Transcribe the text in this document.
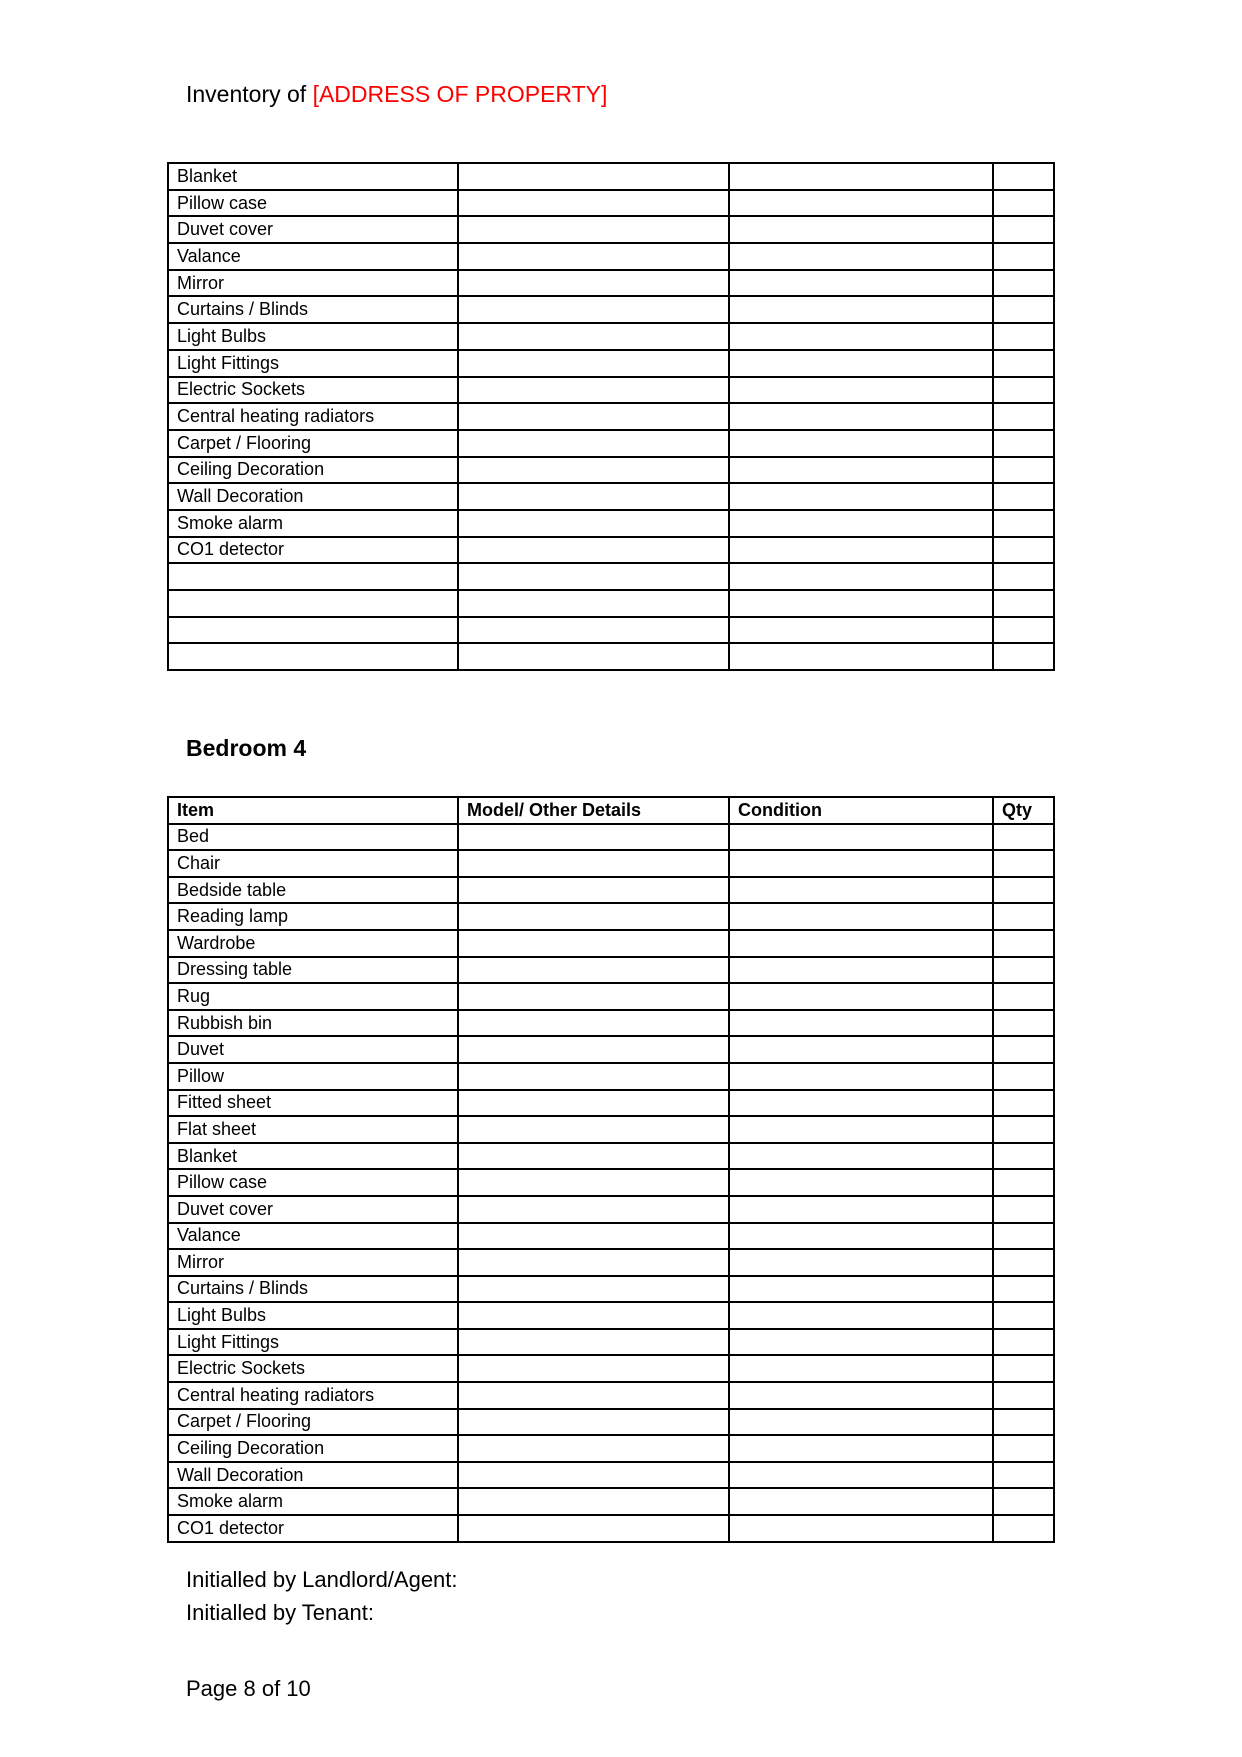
Inventory of [ADDRESS OF PROPERTY]
Blanket			
Pillow case			
Duvet cover			
Valance			
Mirror			
Curtains / Blinds			
Light Bulbs			
Light Fittings			
Electric Sockets			
Central heating radiators			
Carpet / Flooring			
Ceiling Decoration			
Wall Decoration			
Smoke alarm			
CO1 detector			

Bedroom 4
Item	Model/ Other Details	Condition	Qty
Bed			
Chair			
Bedside table			
Reading lamp			
Wardrobe			
Dressing table			
Rug			
Rubbish bin			
Duvet			
Pillow			
Fitted sheet			
Flat sheet			
Blanket			
Pillow case			
Duvet cover			
Valance			
Mirror			
Curtains / Blinds			
Light Bulbs			
Light Fittings			
Electric Sockets			
Central heating radiators			
Carpet / Flooring			
Ceiling Decoration			
Wall Decoration			
Smoke alarm			
CO1 detector			
Initialled by Landlord/Agent:
Initialled by Tenant:
Page 8 of 10
